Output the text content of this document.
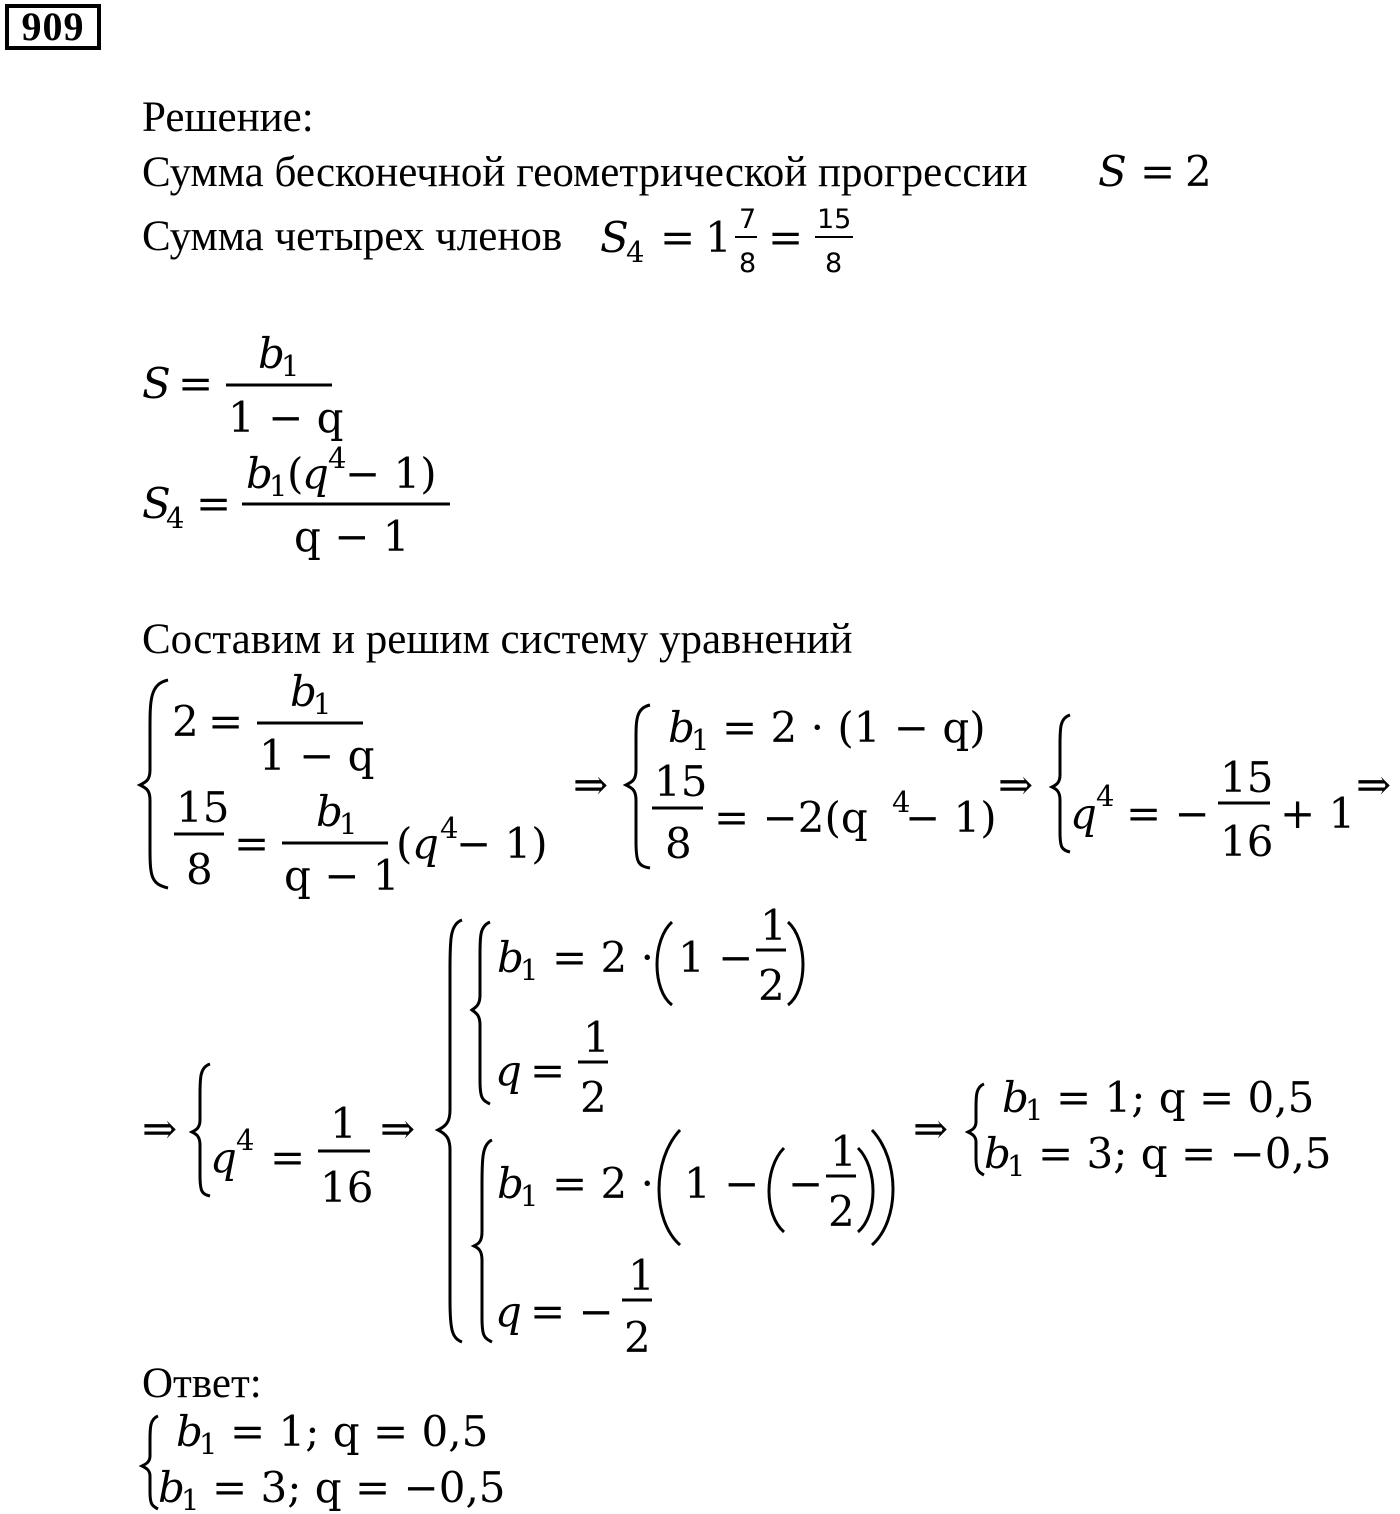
909
Решение:
Сумма бесконечной геометрической прогрессии
Сумма четырех членов
Составим и решим систему уравнений
Ответ:
S = 2
S
4 = 1 7
8
= 15
8
S =
b
1
1 − q
S
4 =
b
1 (
q 4
− 1)
q − 1
2 =
b
1
1 − q
15
8
=
b
1
q − 1
( q 4
− 1)
⇒
b
1 = 2 · (1 − q)
15
8
= −2(q 4
− 1)
⇒
q 4 = −
15
16
+ 1
⇒
⇒
q 4 =
1
16
⇒
b
1 = 2 · 1 −
1
2
q =
1
2
b
1 = 2 · 1 − −
1
2
q = −
1
2
⇒
b
1 = 1; q = 0,5
b
1 = 3; q = −0,5
b
1 = 1; q = 0,5
b
1 = 3; q = −0,5
